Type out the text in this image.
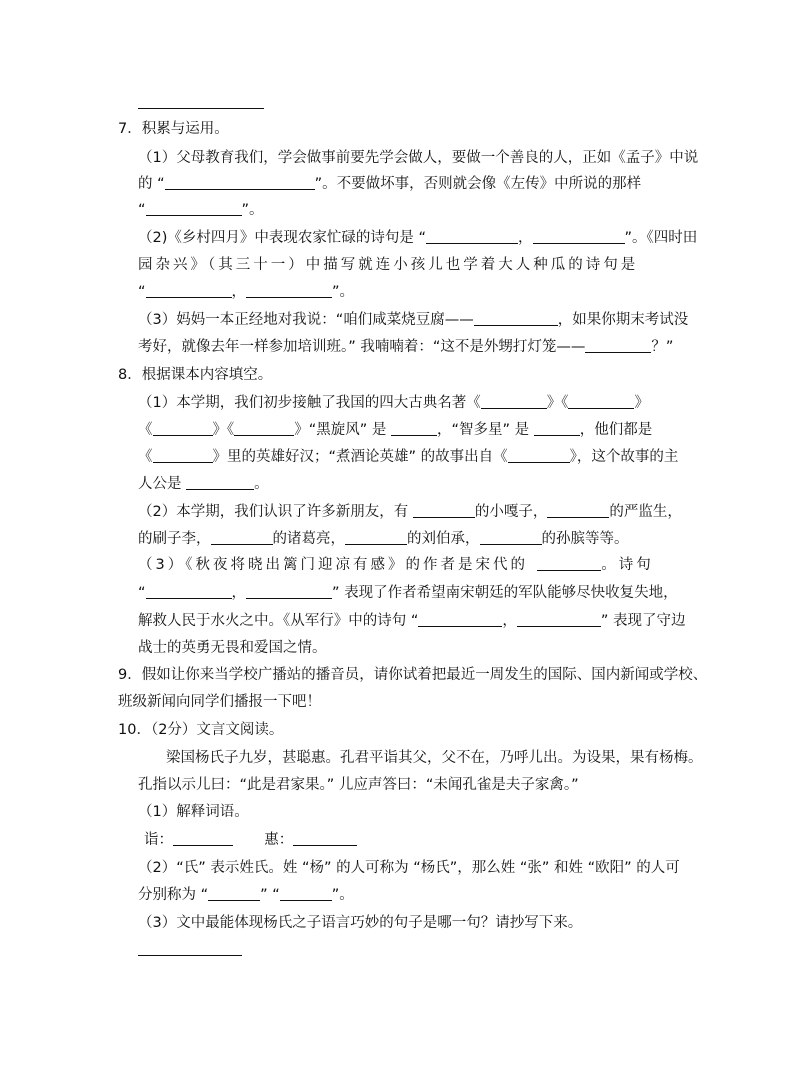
7．积累与运用。
（1）父母教育我们，学会做事前要先学会做人，要做一个善良的人，正如《孟子》中说
的 “	”。不要做坏事，否则就会像《左传》中所说的那样
“	”。
（2)《乡村四月》中表现农家忙碌的诗句是 “	，	”。《四时田
园杂兴》（其三十一）中描写就连小孩儿也学着大人种瓜的诗句是
“	，	”。
（3）妈妈一本正经地对我说：“咱们咸菜烧豆腐——	，如果你期末考试没
考好，就像去年一样参加培训班。” 我喃喃着：“这不是外甥打灯笼——	？”
8．根据课本内容填空。
（1）本学期，我们初步接触了我国的四大古典名著《	》《	》
《	》《	》“黑旋风” 是	，“智多星” 是	，他们都是
《	》里的英雄好汉；“煮酒论英雄” 的故事出自《	》，这个故事的主
人公是	。
（2）本学期，我们认识了许多新朋友，有	的小嘎子，	的严监生，
的刷子李，	的诸葛亮，	的刘伯承，	的孙膑等等。
（3）《秋夜将晓出篱门迎凉有感》的作者是宋代的	。诗句
“	，	” 表现了作者希望南宋朝廷的军队能够尽快收复失地，
解救人民于水火之中。《从军行》中的诗句 “	，	” 表现了守边
战士的英勇无畏和爱国之情。
9．假如让你来当学校广播站的播音员，请你试着把最近一周发生的国际、国内新闻或学校、
班级新闻向同学们播报一下吧！
10．（2分）文言文阅读。
梁国杨氏子九岁，甚聪惠。孔君平诣其父，父不在，乃呼儿出。为设果，果有杨梅。
孔指以示儿曰：“此是君家果。” 儿应声答曰：“未闻孔雀是夫子家禽。”
（1）解释词语。
诣：	惠：
（2）“氏” 表示姓氏。姓 “杨” 的人可称为 “杨氏”，那么姓 “张” 和姓 “欧阳” 的人可
分别称为 “	” “	”。
（3）文中最能体现杨氏之子语言巧妙的句子是哪一句？请抄写下来。
